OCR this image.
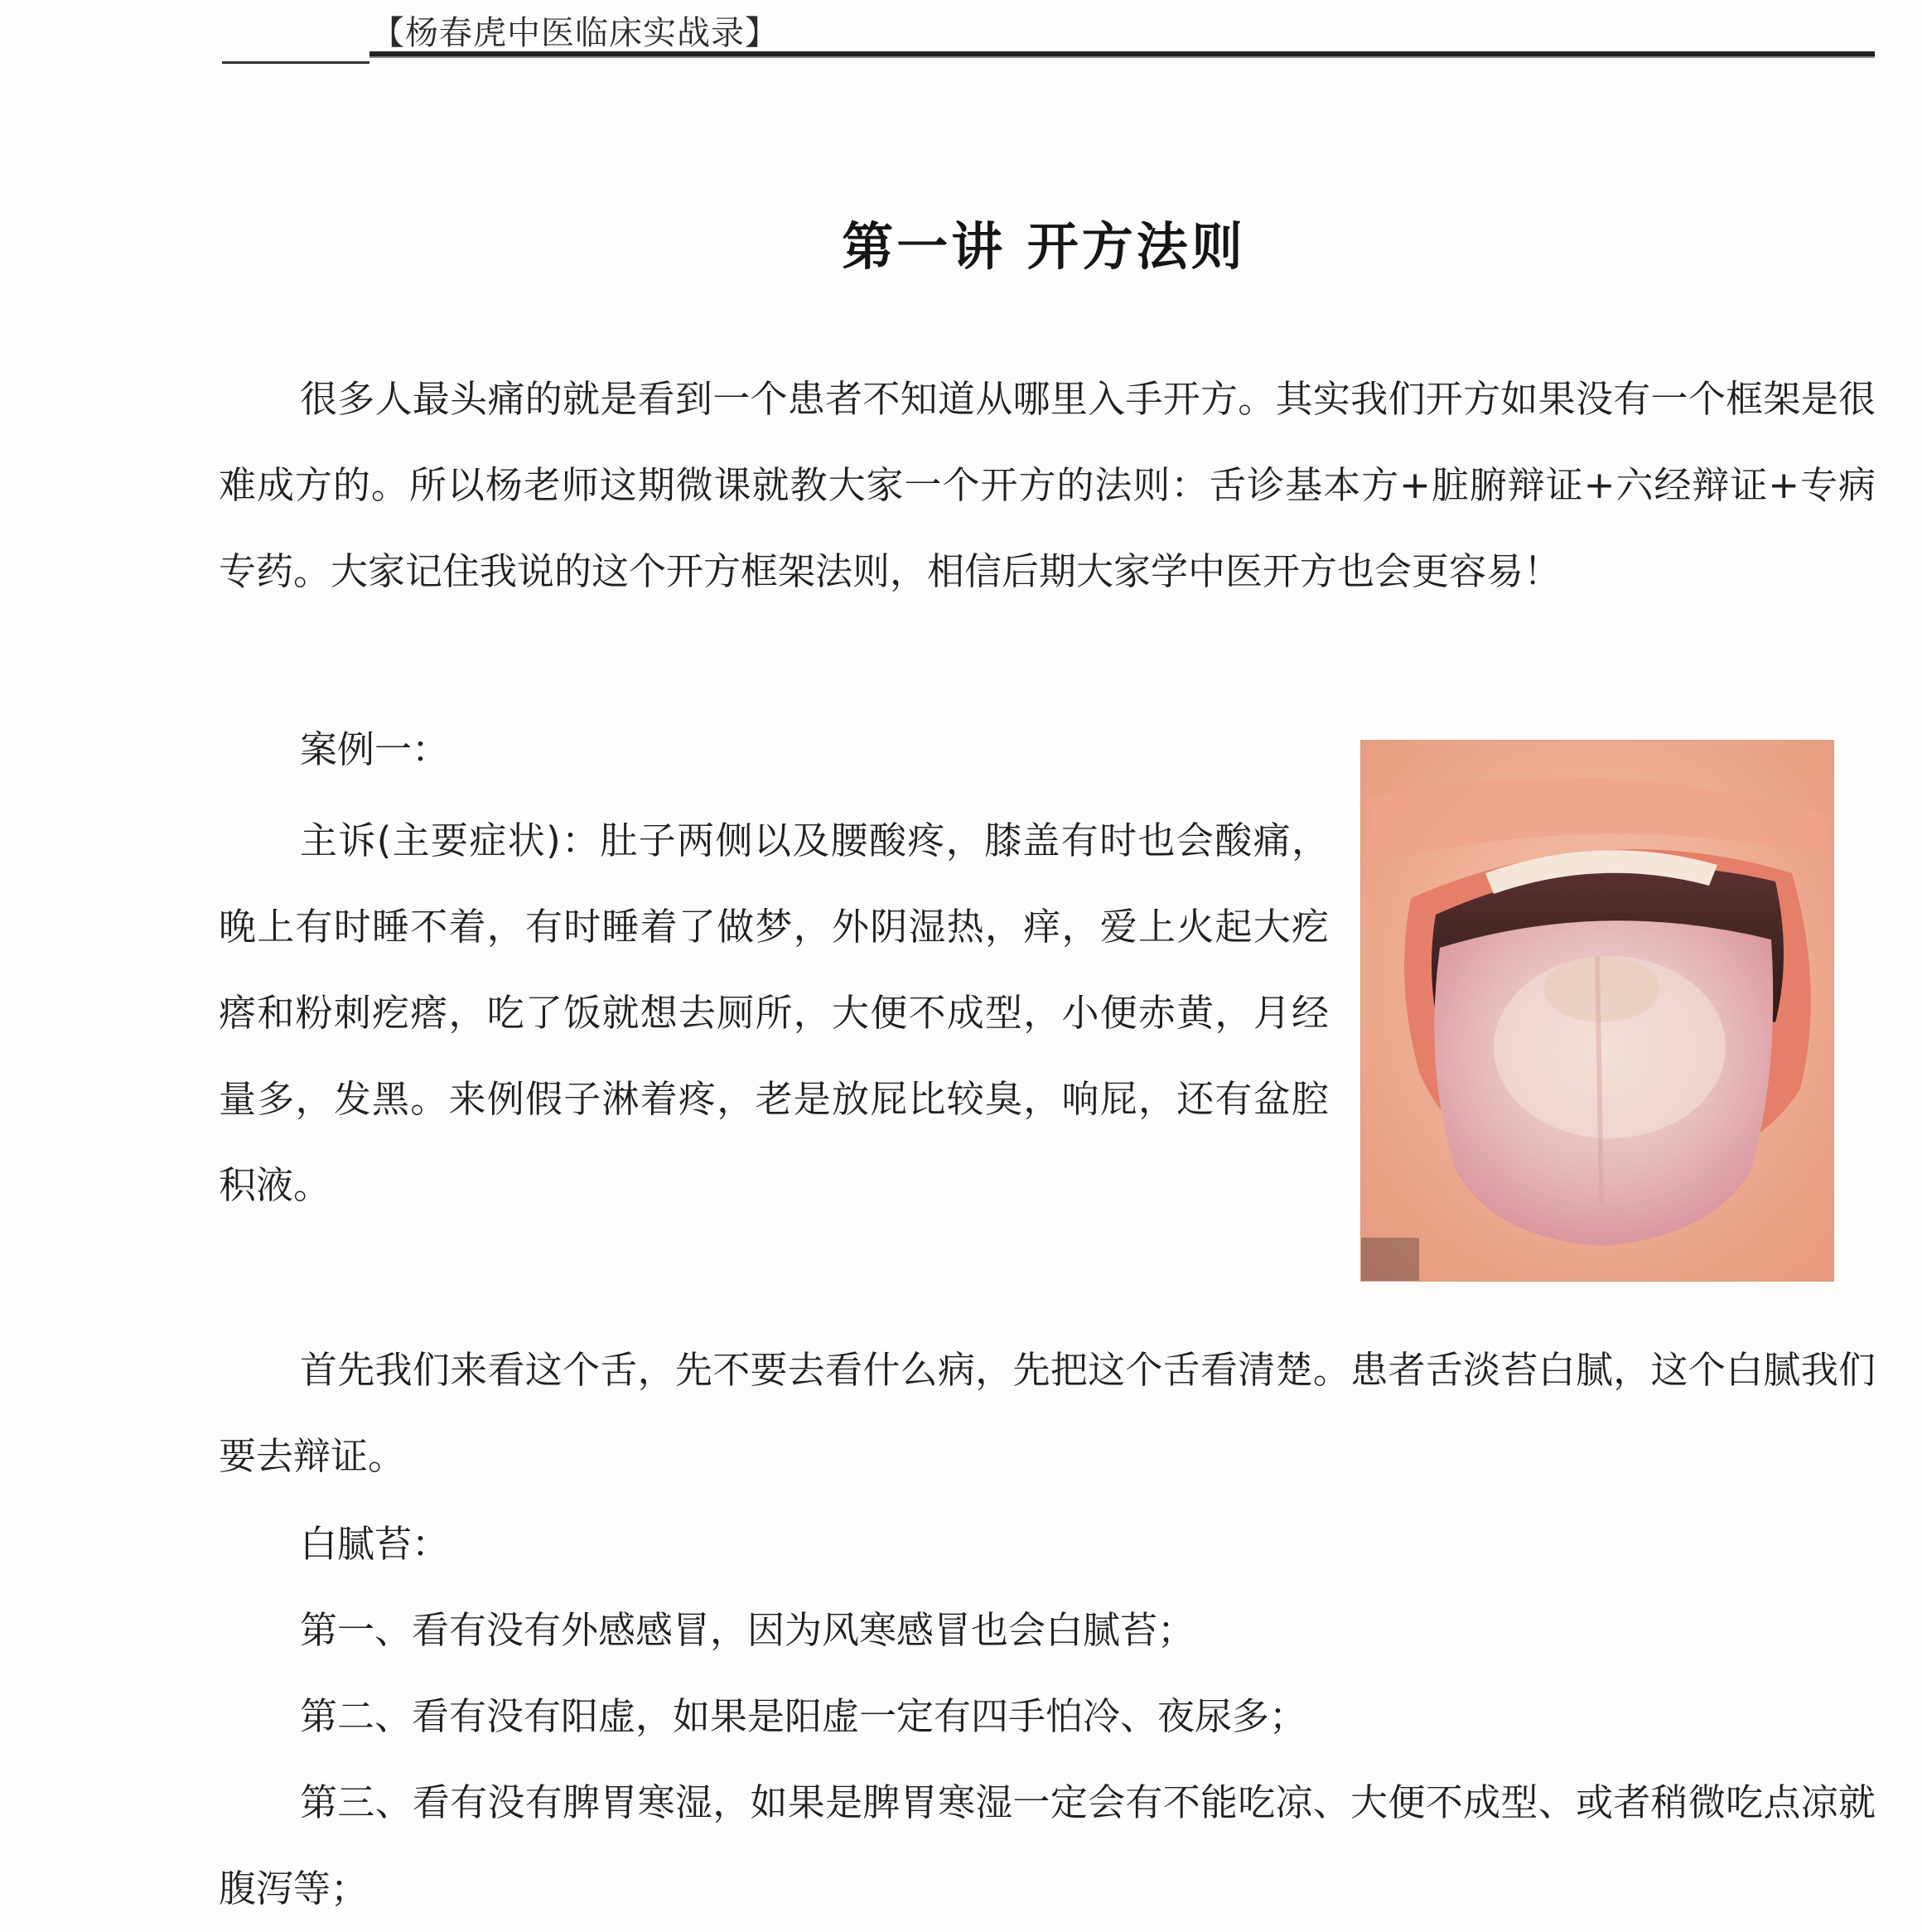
【杨春虎中医临床实战录】
第一讲 开方法则

很多人最头痛的就是看到一个患者不知道从哪里入手开方。其实我们开方如果没有一个框架是很难成方的。所以杨老师这期微课就教大家一个开方的法则：舌诊基本方+脏腑辩证+六经辩证+专病专药。大家记住我说的这个开方框架法则，相信后期大家学中医开方也会更容易！

案例一：

主诉(主要症状)：肚子两侧以及腰酸疼，膝盖有时也会酸痛，晚上有时睡不着，有时睡着了做梦，外阴湿热，痒，爱上火起大疙瘩和粉刺疙瘩，吃了饭就想去厕所，大便不成型，小便赤黄，月经量多，发黑。来例假子淋着疼，老是放屁比较臭，响屁，还有盆腔积液。

首先我们来看这个舌，先不要去看什么病，先把这个舌看清楚。患者舌淡苔白腻，这个白腻我们要去辩证。

白腻苔：

第一、看有没有外感感冒，因为风寒感冒也会白腻苔；

第二、看有没有阳虚，如果是阳虚一定有四手怕冷、夜尿多；

第三、看有没有脾胃寒湿，如果是脾胃寒湿一定会有不能吃凉、大便不成型、或者稍微吃点凉就腹泻等；
